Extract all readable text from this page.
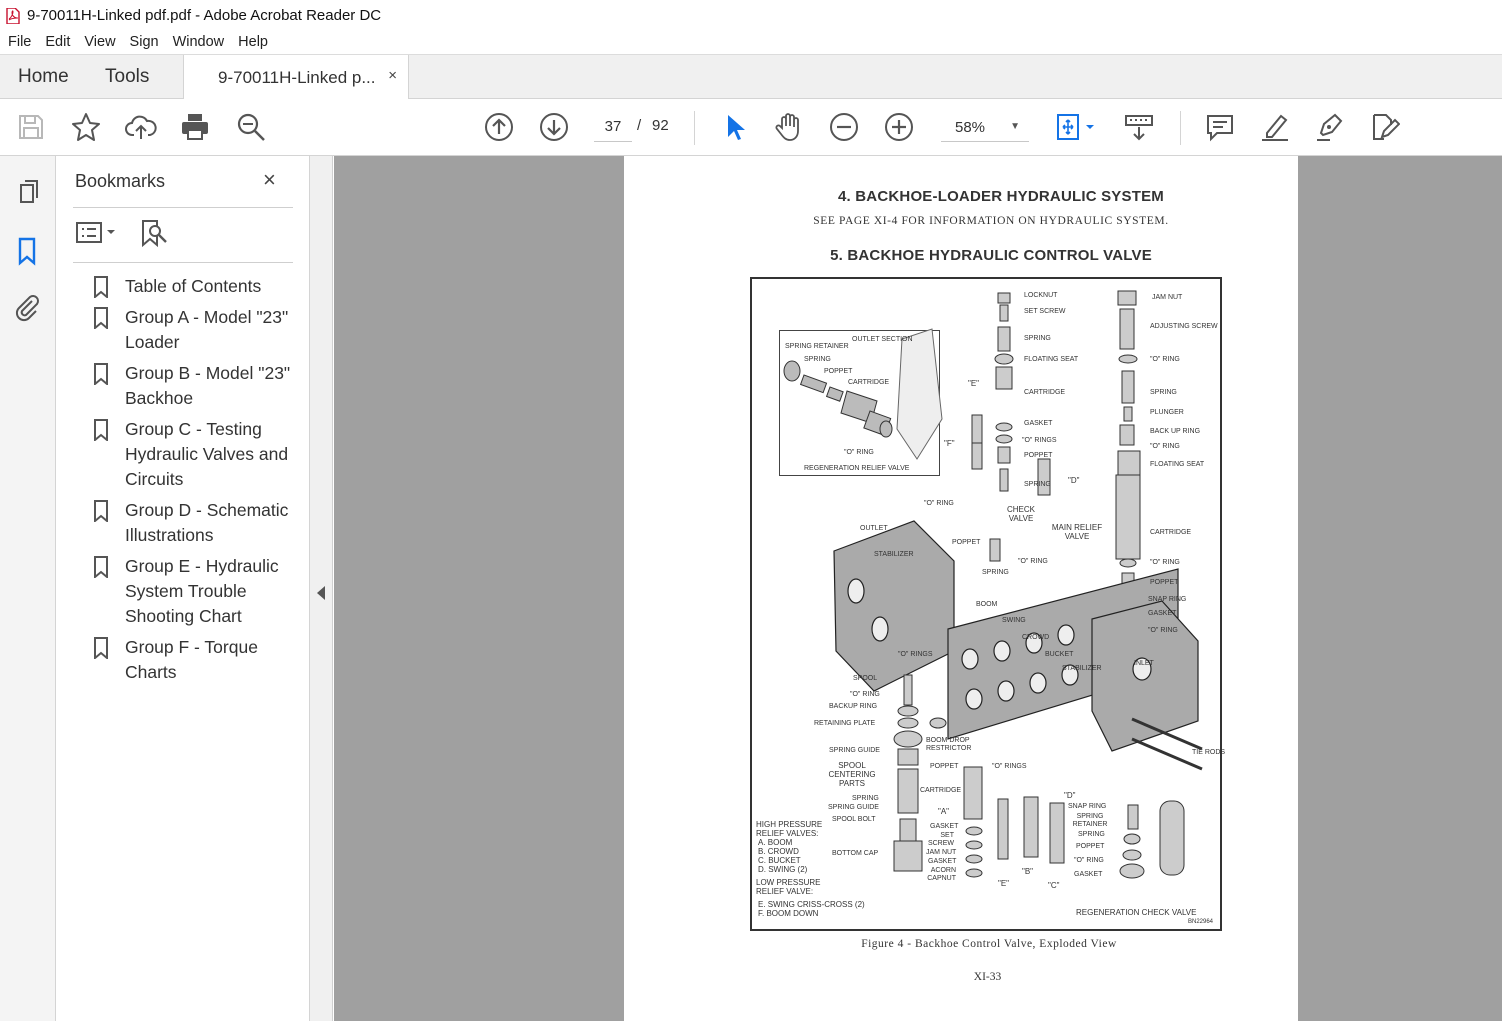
9-70011H-Linked pdf.pdf - Adobe Acrobat Reader DC
File Edit View Sign Window Help
Home Tools	9-70011H-Linked p... ×
37	/ 92	58%	▼
Bookmarks	×
Table of Contents
Group A - Model "23" Loader
Group B - Model "23" Backhoe
Group C - Testing Hydraulic Valves and Circuits
Group D - Schematic Illustrations
Group E - Hydraulic System Trouble Shooting Chart
Group F - Torque Charts
4. BACKHOE-LOADER HYDRAULIC SYSTEM
SEE PAGE XI-4 FOR INFORMATION ON HYDRAULIC SYSTEM.
5. BACKHOE HYDRAULIC CONTROL VALVE
SPRING RETAINER
OUTLET SECTION
SPRING
POPPET
CARTRIDGE
"O" RING
REGENERATION RELIEF VALVE
LOCKNUT
SET SCREW
SPRING
FLOATING SEAT
CARTRIDGE
GASKET
"O" RINGS
POPPET
SPRING
"E"
"F"
"D"
CHECK VALVE
MAIN RELIEF VALVE
"O" RING
POPPET
SPRING
"O" RING
JAM NUT
ADJUSTING SCREW
"O" RING
SPRING
PLUNGER
BACK UP RING
"O" RING
FLOATING SEAT
CARTRIDGE
"O" RING
POPPET
SNAP RING
GASKET
"O" RING
OUTLET
STABILIZER
BOOM
SWING
CROWD
BUCKET
STABILIZER
INLET
TIE RODS
"O" RINGS
SPOOL
"O" RING
BACKUP RING
RETAINING PLATE
SPRING GUIDE
SPOOL CENTERING PARTS
SPRING
SPRING GUIDE
SPOOL BOLT
BOTTOM CAP
BOOM DROP RESTRICTOR
POPPET	"O" RINGS
CARTRIDGE
"A"
GASKET
SET SCREW
JAM NUT
GASKET
ACORN CAPNUT
"E"
"B"
"C"
"D"
SNAP RING
SPRING RETAINER
SPRING
POPPET
"O" RING
GASKET
REGENERATION CHECK VALVE
BN22964
HIGH PRESSURE RELIEF VALVES:
A. BOOM
B. CROWD
C. BUCKET
D. SWING (2)
LOW PRESSURE RELIEF VALVE:
E. SWING CRISS-CROSS (2)
F. BOOM DOWN
Figure 4 - Backhoe Control Valve, Exploded View
XI-33
